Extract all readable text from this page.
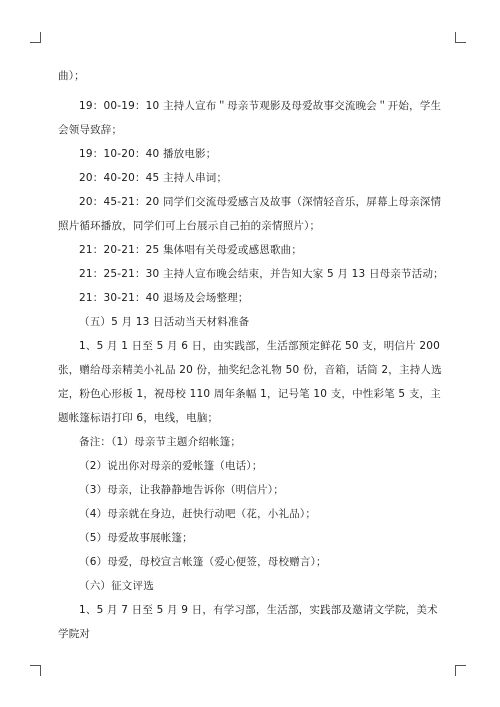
曲）；

19：00-19：10 主持人宣布＂母亲节观影及母爱故事交流晚会＂开始，学生会领导致辞；

19：10-20：40 播放电影；

20：40-20：45 主持人串词；

20：45-21：20 同学们交流母爱感言及故事（深情轻音乐，屏幕上母亲深情照片循环播放，同学们可上台展示自己拍的亲情照片）；

21：20-21：25 集体唱有关母爱或感恩歌曲；

21：25-21：30 主持人宣布晚会结束，并告知大家 5 月 13 日母亲节活动；

21：30-21：40 退场及会场整理；

（五）5 月 13 日活动当天材料准备

1、5 月 1 日至 5 月 6 日，由实践部，生活部预定鲜花 50 支，明信片 200 张，赠给母亲精美小礼品 20 份，抽奖纪念礼物 50 份，音箱，话筒 2，主持人选定，粉色心形板 1，祝母校 110 周年条幅 1，记号笔 10 支，中性彩笔 5 支，主题帐篷标语打印 6，电线，电脑；

备注：（1）母亲节主题介绍帐篷；

（2）说出你对母亲的爱帐篷（电话）；

（3）母亲，让我静静地告诉你（明信片）；

（4）母亲就在身边，赶快行动吧（花，小礼品）；

（5）母爱故事展帐篷；

（6）母爱，母校宣言帐篷（爱心便签，母校赠言）；

（六）征文评选

1、5 月 7 日至 5 月 9 日，有学习部，生活部，实践部及邀请文学院，美术学院对
